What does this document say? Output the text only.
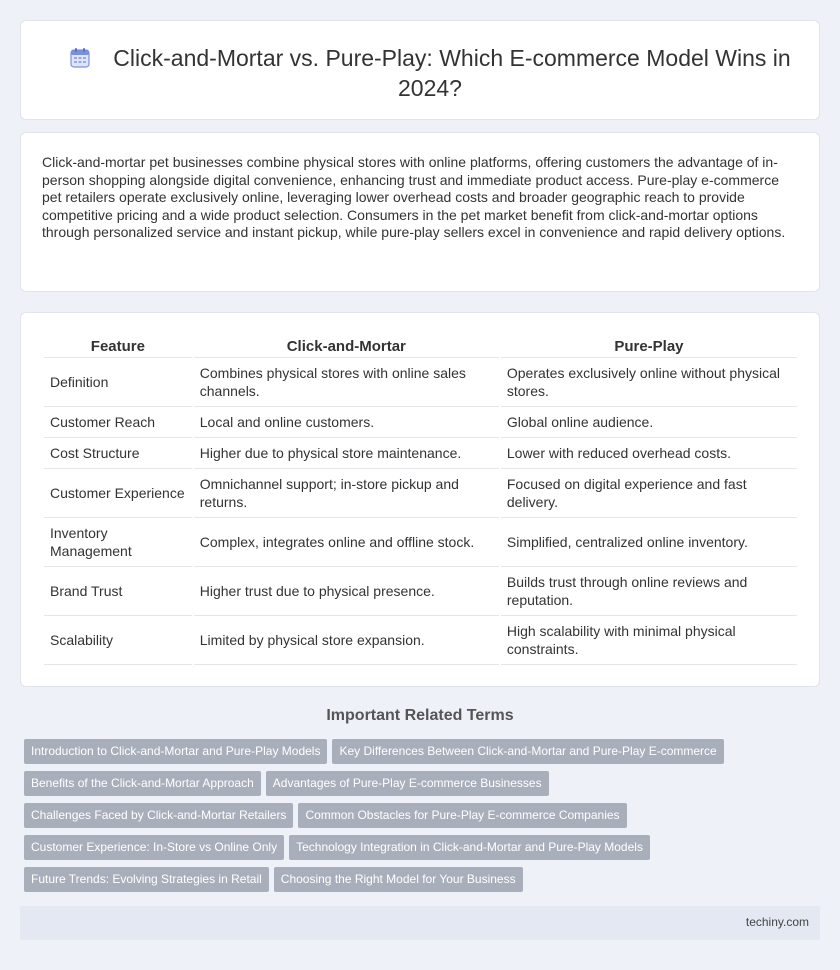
Click-and-Mortar vs. Pure-Play: Which E-commerce Model Wins in 2024?

Click-and-mortar pet businesses combine physical stores with online platforms, offering customers the advantage of in-person shopping alongside digital convenience, enhancing trust and immediate product access. Pure-play e-commerce pet retailers operate exclusively online, leveraging lower overhead costs and broader geographic reach to provide competitive pricing and a wide product selection. Consumers in the pet market benefit from click-and-mortar options through personalized service and instant pickup, while pure-play sellers excel in convenience and rapid delivery options.

Feature	Click-and-Mortar	Pure-Play
Definition	Combines physical stores with online sales channels.	Operates exclusively online without physical stores.
Customer Reach	Local and online customers.	Global online audience.
Cost Structure	Higher due to physical store maintenance.	Lower with reduced overhead costs.
Customer Experience	Omnichannel support; in-store pickup and returns.	Focused on digital experience and fast delivery.
Inventory Management	Complex, integrates online and offline stock.	Simplified, centralized online inventory.
Brand Trust	Higher trust due to physical presence.	Builds trust through online reviews and reputation.
Scalability	Limited by physical store expansion.	High scalability with minimal physical constraints.
Important Related Terms
Introduction to Click-and-Mortar and Pure-Play Models Key Differences Between Click-and-Mortar and Pure-Play E-commerce
Benefits of the Click-and-Mortar Approach Advantages of Pure-Play E-commerce Businesses
Challenges Faced by Click-and-Mortar Retailers Common Obstacles for Pure-Play E-commerce Companies
Customer Experience: In-Store vs Online Only Technology Integration in Click-and-Mortar and Pure-Play Models
Future Trends: Evolving Strategies in Retail Choosing the Right Model for Your Business
techiny.com
